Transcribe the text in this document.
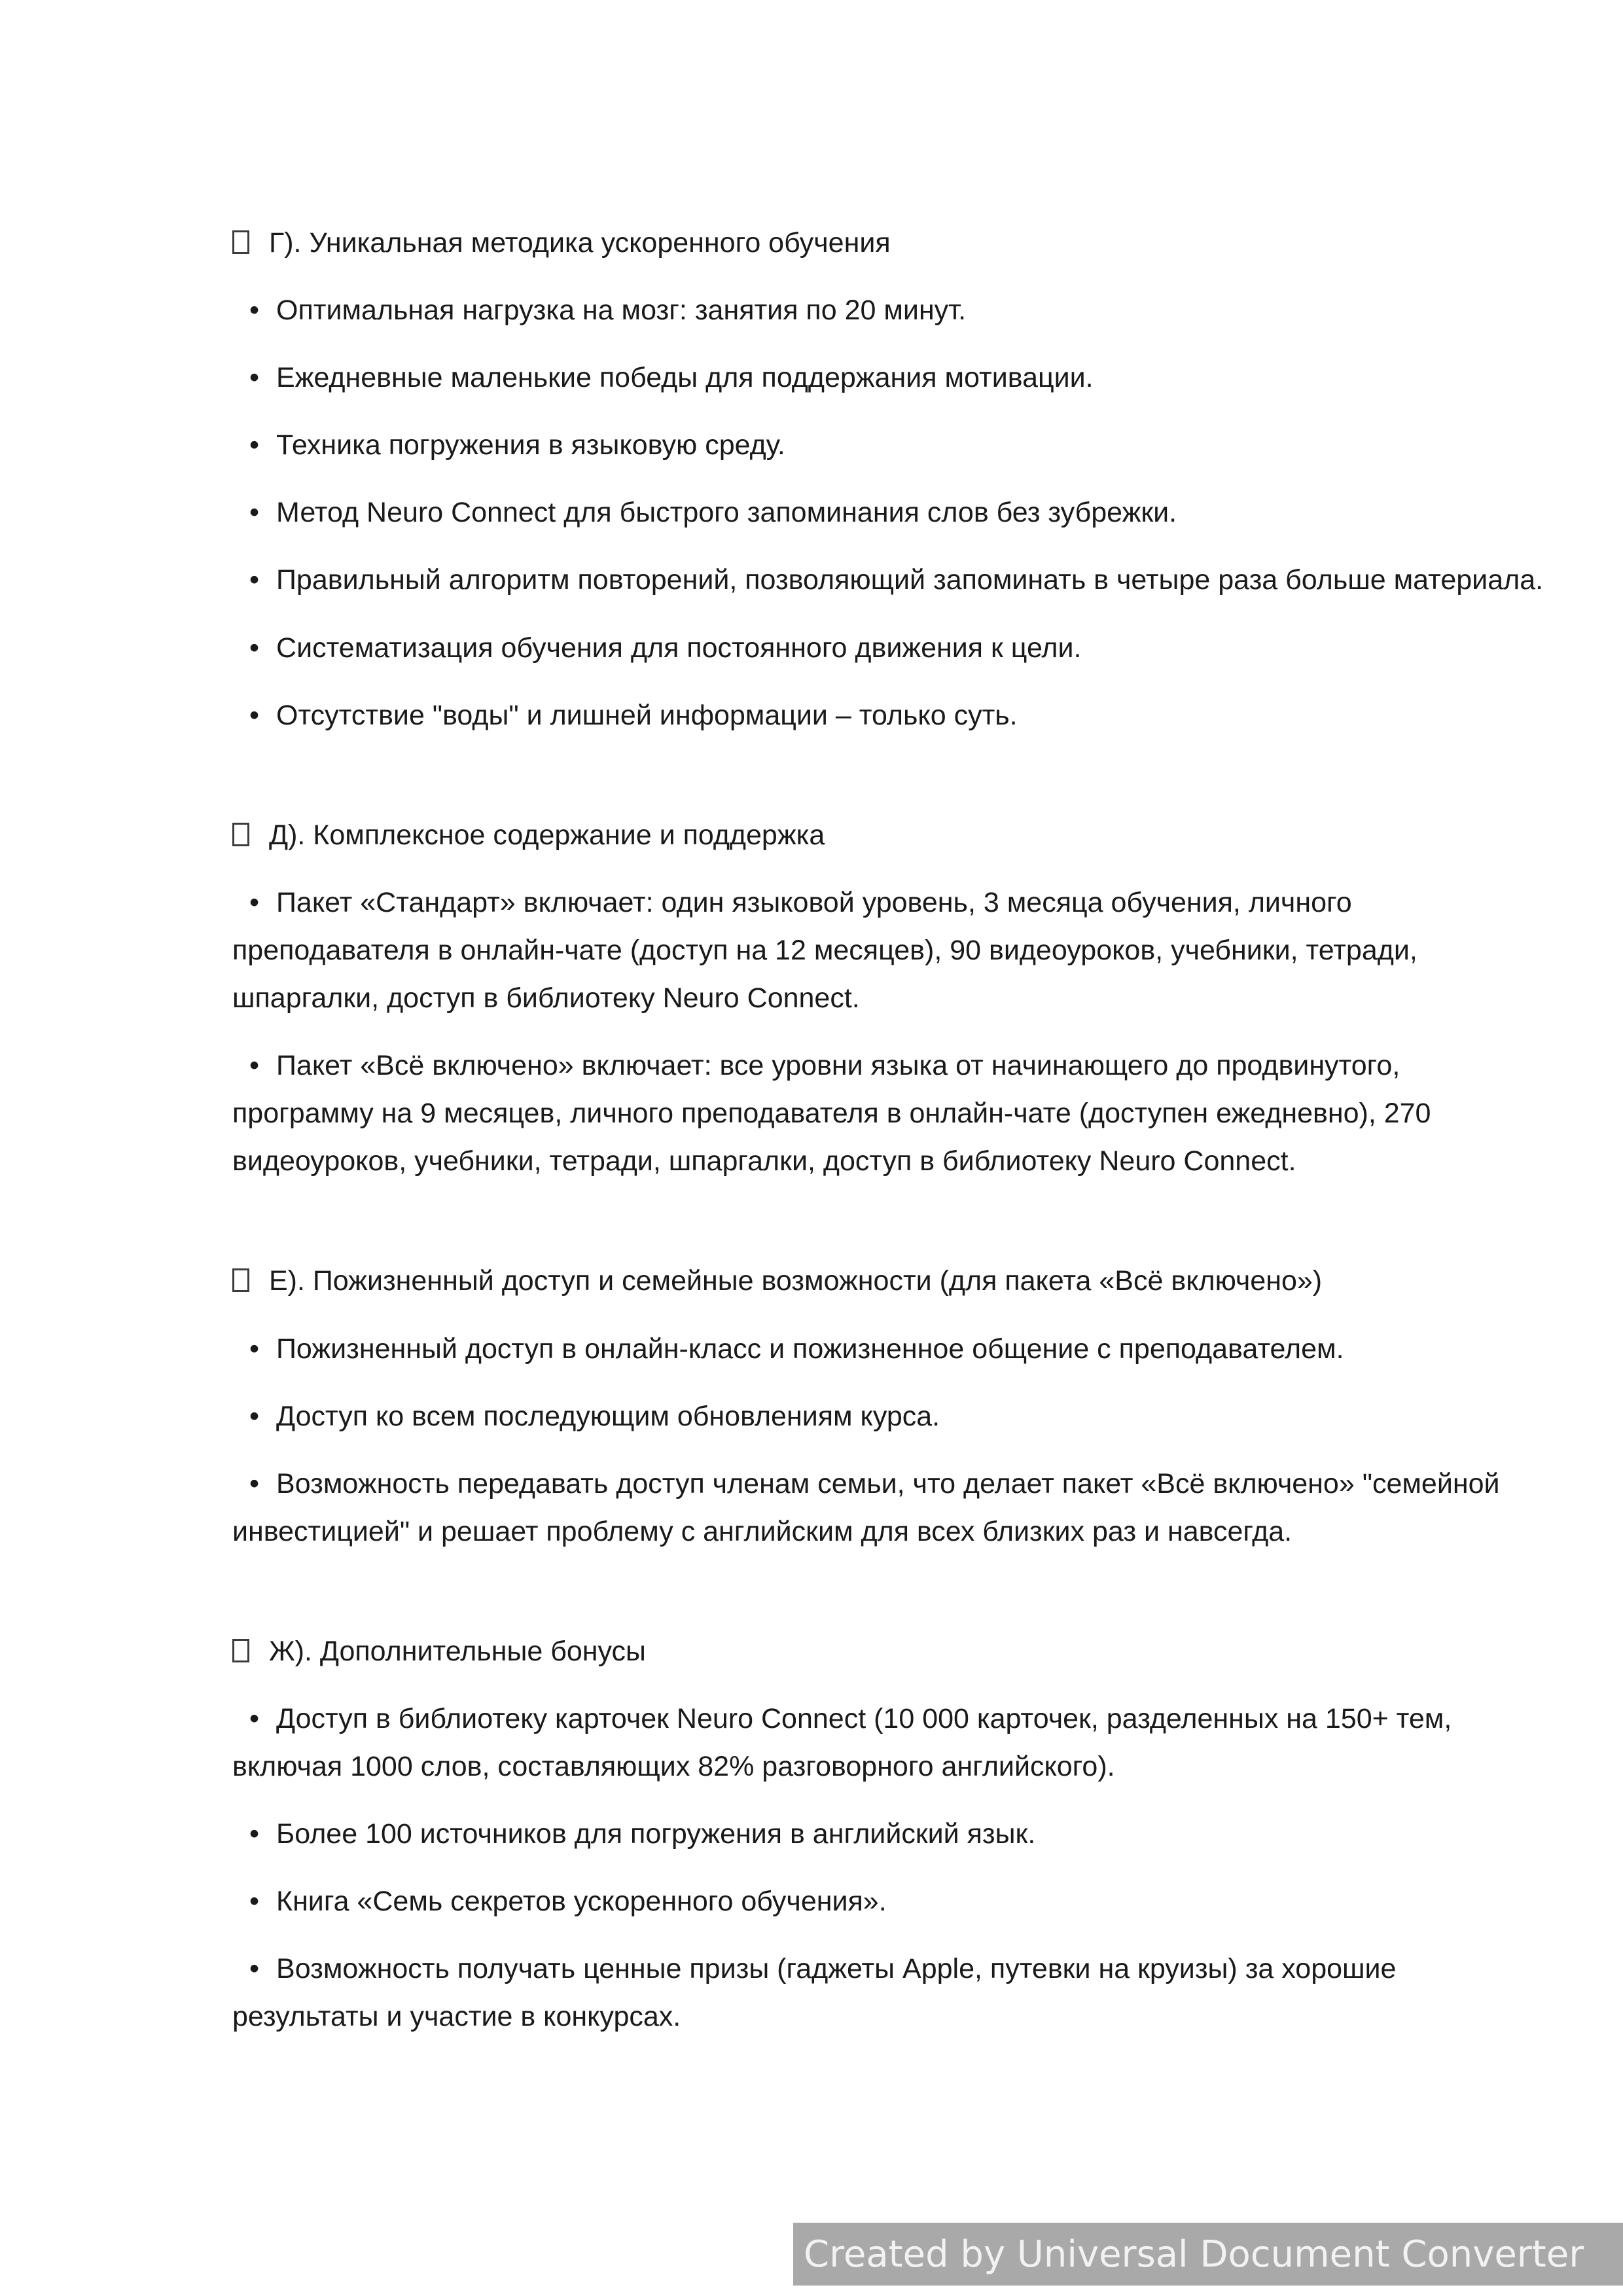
Г). Уникальная методика ускоренного обучения

• Оптимальная нагрузка на мозг: занятия по 20 минут.

• Ежедневные маленькие победы для поддержания мотивации.

• Техника погружения в языковую среду.

• Метод Neuro Connect для быстрого запоминания слов без зубрежки.

• Правильный алгоритм повторений, позволяющий запоминать в четыре раза больше материала.

• Систематизация обучения для постоянного движения к цели.

• Отсутствие "воды" и лишней информации – только суть.

Д). Комплексное содержание и поддержка

• Пакет «Стандарт» включает: один языковой уровень, 3 месяца обучения, личного преподавателя в онлайн-чате (доступ на 12 месяцев), 90 видеоуроков, учебники, тетради, шпаргалки, доступ в библиотеку Neuro Connect.

• Пакет «Всё включено» включает: все уровни языка от начинающего до продвинутого, программу на 9 месяцев, личного преподавателя в онлайн-чате (доступен ежедневно), 270 видеоуроков, учебники, тетради, шпаргалки, доступ в библиотеку Neuro Connect.

Е). Пожизненный доступ и семейные возможности (для пакета «Всё включено»)

• Пожизненный доступ в онлайн-класс и пожизненное общение с преподавателем.

• Доступ ко всем последующим обновлениям курса.

• Возможность передавать доступ членам семьи, что делает пакет «Всё включено» "семейной инвестицией" и решает проблему с английским для всех близких раз и навсегда.

Ж). Дополнительные бонусы

• Доступ в библиотеку карточек Neuro Connect (10 000 карточек, разделенных на 150+ тем, включая 1000 слов, составляющих 82% разговорного английского).

• Более 100 источников для погружения в английский язык.

• Книга «Семь секретов ускоренного обучения».

• Возможность получать ценные призы (гаджеты Apple, путевки на круизы) за хорошие результаты и участие в конкурсах.

Created by Universal Document Converter
